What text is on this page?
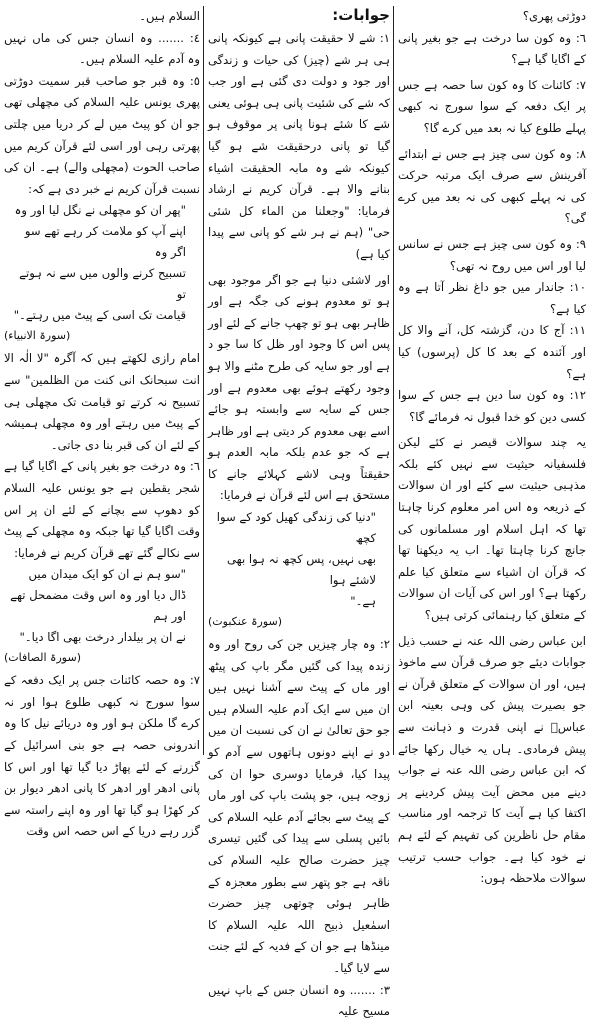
دوڑتی پھری؟

٦: وہ کون سا درخت ہے جو بغیر پانی کے اگایا گیا ہے؟

٧: کائنات کا وہ کون سا حصہ ہے جس پر ایک دفعہ کے سوا سورج نہ کبھی پہلے طلوع کیا نہ بعد میں کرے گا؟

٨: وہ کون سی چیز ہے جس نے ابتدائے آفرینش سے صرف ایک مرتبہ حرکت کی نہ پہلے کبھی کی نہ بعد میں کرے گی؟

٩: وہ کون سی چیز ہے جس نے سانس لیا اور اس میں روح نہ تھی؟

١٠: جاندار میں جو داغ نظر آتا ہے وہ کیا ہے؟

١١: آج کا دن، گزشتہ کل، آنے والا کل اور آئندہ کے بعد کا کل (پرسوں) کیا ہے؟

١٢: وہ کون سا دین ہے جس کے سوا کسی دین کو خدا قبول نہ فرمائے گا؟

یہ چند سوالات قیصر نے کئے لیکن فلسفیانہ حیثیت سے نہیں کئے بلکہ مذہبی حیثیت سے کئے اور ان سوالات کے ذریعہ وہ اس امر معلوم کرنا چاہتا تھا کہ اہل اسلام اور مسلمانوں کی جانچ کرنا چاہتا تھا۔ اب یہ دیکھنا تھا کہ قرآن ان اشیاء سے متعلق کیا علم رکھتا ہے؟ اور اس کی آیات ان سوالات کے متعلق کیا رہنمائی کرتی ہیں؟

ابن عباس رضی اللہ عنہ نے حسب ذیل جوابات دیئے جو صرف قرآن سے ماخوذ ہیں، اور ان سوالات کے متعلق قرآن نے جو بصیرت پیش کی وہی بعینہ ابن عباسؓ نے اپنی قدرت و ذہانت سے پیش فرمادی۔ ہاں یہ خیال رکھا جائے کہ ابن عباس رضی اللہ عنہ نے جواب دینے میں محض آیت پیش کردینے پر اکتفا کیا ہے آیت کا ترجمہ اور مناسب مقام حل ناظرین کی تفہیم کے لئے ہم نے خود کیا ہے۔ جواب حسب ترتیب سوالات ملاحظہ ہوں:

جوابات:

١: شے لا حقیقت پانی ہے کیونکہ پانی ہی ہر شے (چیز) کی حیات و زندگی اور جود و دولت دی گئی ہے اور جب کہ شے کی شئیت پانی ہی ہوئی یعنی شے کا شئے ہونا پانی پر موقوف ہو گیا تو پانی درحقیقت شے ہو گیا کیونکہ شے وہ مابہ الحقیقت اشیاء بنانے والا ہے۔ قرآن کریم نے ارشاد فرمایا: "وجعلنا من الماء کل شئی حی" (ہم نے ہر شے کو پانی سے پیدا کیا ہے)

اور لاشئی دنیا ہے جو اگر موجود بھی ہو تو معدوم ہونے کی جگہ ہے اور ظاہر بھی ہو تو چھپ جانے کے لئے اور پس اس کا وجود اور ظل کا سا جو د ہے اور جو سایہ کی طرح مٹنے والا ہو وجود رکھتے ہوئے بھی معدوم ہے اور جس کے سایہ سے وابستہ ہو جائے اسے بھی معدوم کر دیتی ہے اور ظاہر ہے کہ جو عدم بلکہ مابہ العدم ہو حقیقتاً وہی لاشے کہلائے جانے کا مستحق ہے اس لئے قرآن نے فرمایا:

"دنیا کی زندگی کھیل کود کے سوا کچھ

بھی نہیں، پس کچھ نہ ہوا بھی لاشئے ہوا

ہے۔"

(سورۃ عنکبوت)

٢: وہ چار چیزیں جن کی روح اور وہ زندہ پیدا کی گئیں مگر باپ کی پیٹھ اور ماں کے پیٹ سے آشنا نہیں ہیں ان میں سے ایک آدم علیہ السلام ہیں جو حق تعالیٰ نے ان کی نسبت ان میں دو نے اپنے دونوں ہاتھوں سے آدم کو پیدا کیا، فرمایا دوسری حوا ان کی زوجہ ہیں، جو پشت باپ کی اور ماں کے پیٹ سے بجائے آدم علیہ السلام کی بائیں پسلی سے پیدا کی گئیں تیسری چیز حضرت صالح علیہ السلام کی ناقہ ہے جو پتھر سے بطور معجزہ کے ظاہر ہوئی چوتھی چیز حضرت اسمٰعیل ذبیح اللہ علیہ السلام کا مینڈھا ہے جو ان کے فدیہ کے لئے جنت سے لایا گیا۔

٣: ....... وہ انسان جس کے باپ نہیں مسیح علیہ

السلام ہیں۔

٤: ....... وہ انسان جس کی ماں نہیں وہ آدم علیہ السلام ہیں۔

٥: وہ قبر جو صاحب قبر سمیت دوڑتی پھری یونس علیہ السلام کی مچھلی تھی جو ان کو پیٹ میں لے کر دریا میں چلتی پھرتی رہی اور اسی لئے قرآن کریم میں صاحب الحوت (مچھلی والے) ہے۔ ان کی نسبت قرآن کریم نے خبر دی ہے کہ:

"پھر ان کو مچھلی نے نگل لیا اور وہ

اپنے آپ کو ملامت کر رہے تھے سو اگر وہ

تسبیح کرنے والوں میں سے نہ ہوتے تو

قیامت تک اسی کے پیٹ میں رہتے۔"

(سورۃ الانبیاء)

امام رازی لکھتے ہیں کہ آگرہ "لا الٰہ الا انت سبحانک انی کنت من الظلمین" سے تسبیح نہ کرتے تو قیامت تک مچھلی ہی کے پیٹ میں رہتے اور وہ مچھلی ہمیشہ کے لئے ان کی قبر بنا دی جاتی۔

٦: وہ درخت جو بغیر پانی کے اگایا گیا ہے شجر یقطین ہے جو یونس علیہ السلام کو دھوپ سے بچانے کے لئے ان پر اس وقت اگایا گیا تھا جبکہ وہ مچھلی کے پیٹ سے نکالے گئے تھے قرآن کریم نے فرمایا:

"سو ہم نے ان کو ایک میدان میں

ڈال دیا اور وہ اس وقت مضمحل تھے اور ہم

نے ان پر بیلدار درخت بھی اگا دیا۔"

(سورۃ الصافات)

٧: وہ حصہ کائنات جس پر ایک دفعہ کے سوا سورج نہ کبھی طلوع ہوا اور نہ کرے گا ملکن ہو اور وہ دریائے نیل کا وہ اندرونی حصہ ہے جو بنی اسرائیل کے گزرنے کے لئے پھاڑ دیا گیا تھا اور اس کا پانی ادھر اور ادھر کا پانی ادھر دیوار بن کر کھڑا ہو گیا تھا اور وہ اپنے راستہ سے گزر رہے دریا کے اس حصہ اس وقت
